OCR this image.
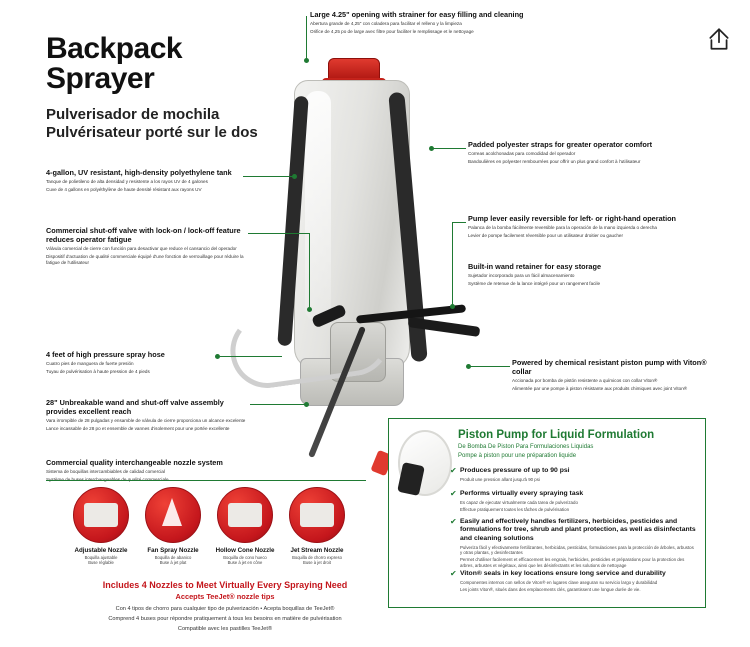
Backpack
Sprayer
Pulverisador de mochila
Pulvérisateur porté sur le dos
4-gallon, UV resistant, high-density polyethylene tank
Tanque de polietileno de alta densidad y resistente a los rayos UV de 4 galones
Cuve de 4 gallons en polyéthylène de haute densité résistant aux rayons UV
Commercial shut-off valve with lock-on / lock-off feature reduces operator fatigue
Válvula comercial de cierre con función para desactivar que reduce el cansancio del operador
Dispositif d'actuation de qualité commerciale équipé d'une fonction de verrouillage pour réduire la fatigue de l'utilisateur
4 feet of high pressure spray hose
Cuatro pies de manguera de fuerte presión
Tuyau de pulvérisation à haute pression de 4 pieds
28" Unbreakable wand and shut-off valve assembly provides excellent reach
Vara irrompible de 28 pulgadas y ensamble de válvula de cierre proporciona un alcance excelente
Lance incassable de 28 po et ensemble de vannes d'isolement pour une portée excellente
Commercial quality interchangeable nozzle system
Sistema de boquillas intercambiables de calidad comercial
Large 4.25" opening with strainer for easy filling and cleaning
Abertura grande de 4,25" con coladera para facilitar el relleno y la limpieza
Orifice de 4,25 po de large avec filtre pour faciliter le remplissage et le nettoyage
Padded polyester straps for greater operator comfort
Correas acolchonadas para comodidad del operador
Bandoulières en polyester rembourrées pour offrir un plus grand confort à l'utilisateur
Pump lever easily reversible for left- or right-hand operation
Palanca de la bomba fácilmente reversible para la operación de la mano izquierda o derecha
Levier de pompe facilement réversible pour un utilisateur droitier ou gaucher
Built-in wand retainer for easy storage
Sujetador incorporado para un fácil almacenamiento
Système de retenue de la lance intégré pour un rangement facile
Powered by chemical resistant piston pump with Viton® collar
Accionada por bomba de pistón resistente a químicos con collar Viton®
Alimentée par une pompe à piston résistante aux produits chimiques avec joint Viton®
Piston Pump for Liquid Formulation
De Bomba De Piston Para Formulaciones Liquidas
Pompe à piston pour une préparation liquide
✔ Produces pressure of up to 90 psi
Produit une pression allant jusqu'à 90 psi
✔ Performs virtually every spraying task
Es capaz de ejecutar virtualmente cada tarea de pulverizado
Effectue pratiquement toutes les tâches de pulvérisation
✔ Easily and effectively handles fertilizers, herbicides, pesticides and formulations for tree, shrub and plant protection, as well as disinfectants and cleaning solutions
Pulveriza fácil y efectivamente fertilizantes, herbicidas, pesticidas, formulaciones para la protección de árboles, arbustos y otras plantas, y desinfectantes
Permet d'utiliser facilement et efficacement les engrais, herbicides, pesticides et préparations pour la protection des arbres, arbustes et végétaux, ainsi que les désinfectants et les solutions de nettoyage
✔ Viton® seals in key locations ensure long service and durability
Componentes internos con sellos de Viton® en lugares clave aseguran su servicio largo y durabilidad
Les joints Viton®, situés dans des emplacements clés, garantissent une longue durée de vie.
Adjustable Nozzle
Boquilla ajustable
Buse réglable
Fan Spray Nozzle
Boquilla de abanico
Buse à jet plat
Hollow Cone Nozzle
Boquilla de cono hueco
Buse à jet en cône
Jet Stream Nozzle
Boquilla de chorro expreso
Buse à jet droit
Includes 4 Nozzles to Meet Virtually Every Spraying Need
Accepts TeeJet® nozzle tips
Con 4 tipos de chorro para cualquier tipo de pulverización • Acepta boquillas de TeeJet®
Comprend 4 buses pour répondre pratiquement à tous les besoins en matière de pulvérisation
Compatible avec les pastilles TeeJet®
